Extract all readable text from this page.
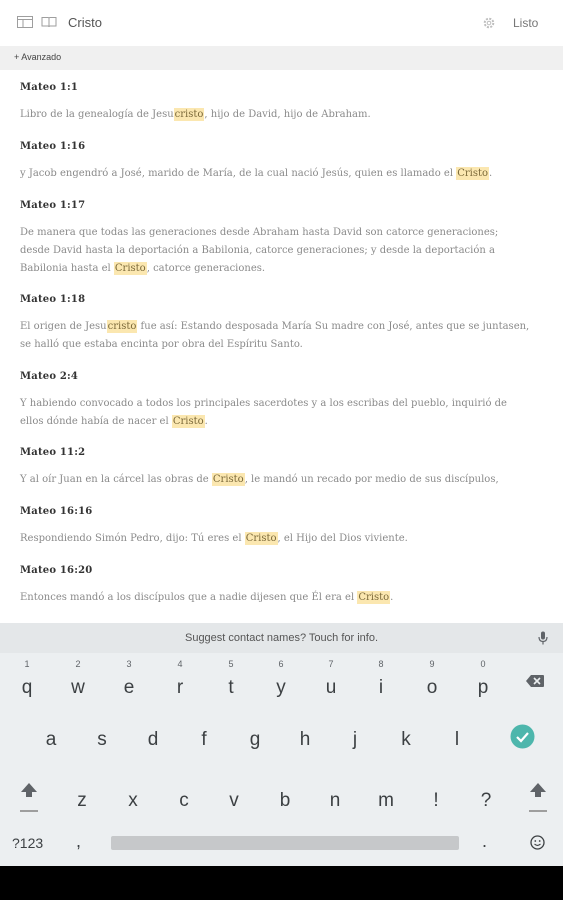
Cristo	Listo
+ Avanzado
Mateo 1:1
Libro de la genealogía de Jesucristo, hijo de David, hijo de Abraham.
Mateo 1:16
y Jacob engendró a José, marido de María, de la cual nació Jesús, quien es llamado el Cristo.
Mateo 1:17
De manera que todas las generaciones desde Abraham hasta David son catorce generaciones; desde David hasta la deportación a Babilonia, catorce generaciones; y desde la deportación a Babilonia hasta el Cristo, catorce generaciones.
Mateo 1:18
El origen de Jesucristo fue así: Estando desposada María Su madre con José, antes que se juntasen, se halló que estaba encinta por obra del Espíritu Santo.
Mateo 2:4
Y habiendo convocado a todos los principales sacerdotes y a los escribas del pueblo, inquirió de ellos dónde había de nacer el Cristo.
Mateo 11:2
Y al oír Juan en la cárcel las obras de Cristo, le mandó un recado por medio de sus discípulos,
Mateo 16:16
Respondiendo Simón Pedro, dijo: Tú eres el Cristo, el Hijo del Dios viviente.
Mateo 16:20
Entonces mandó a los discípulos que a nadie dijesen que Él era el Cristo.
Suggest contact names? Touch for info.
1
q
2
w
3
e
4
r
5
t
6
y
7
u
8
i
9
o
0
p
a	s	d	f	g	h	j	k	l
z	x	c	v	b	n	m	!	?
?123 ,	.
